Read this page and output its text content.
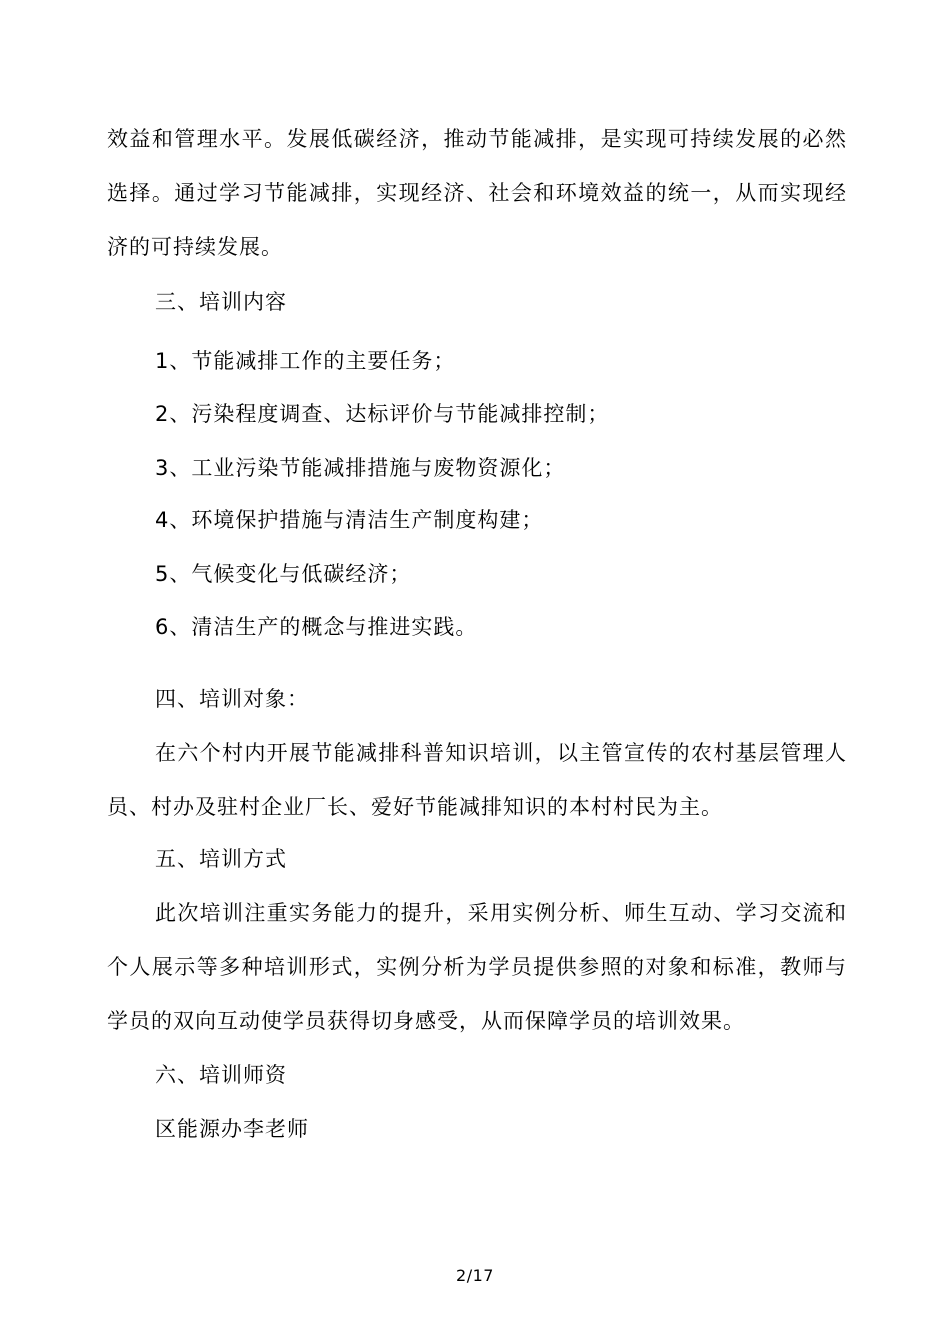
效益和管理水平。发展低碳经济，推动节能减排，是实现可持续发展的必然选择。通过学习节能减排，实现经济、社会和环境效益的统一，从而实现经济的可持续发展。

三、培训内容

1、节能减排工作的主要任务；

2、污染程度调查、达标评价与节能减排控制；

3、工业污染节能减排措施与废物资源化；

4、环境保护措施与清洁生产制度构建；

5、气候变化与低碳经济；

6、清洁生产的概念与推进实践。

四、培训对象：

在六个村内开展节能减排科普知识培训，以主管宣传的农村基层管理人员、村办及驻村企业厂长、爱好节能减排知识的本村村民为主。

五、培训方式

此次培训注重实务能力的提升，采用实例分析、师生互动、学习交流和个人展示等多种培训形式，实例分析为学员提供参照的对象和标准，教师与学员的双向互动使学员获得切身感受，从而保障学员的培训效果。

六、培训师资

区能源办李老师

2/17
